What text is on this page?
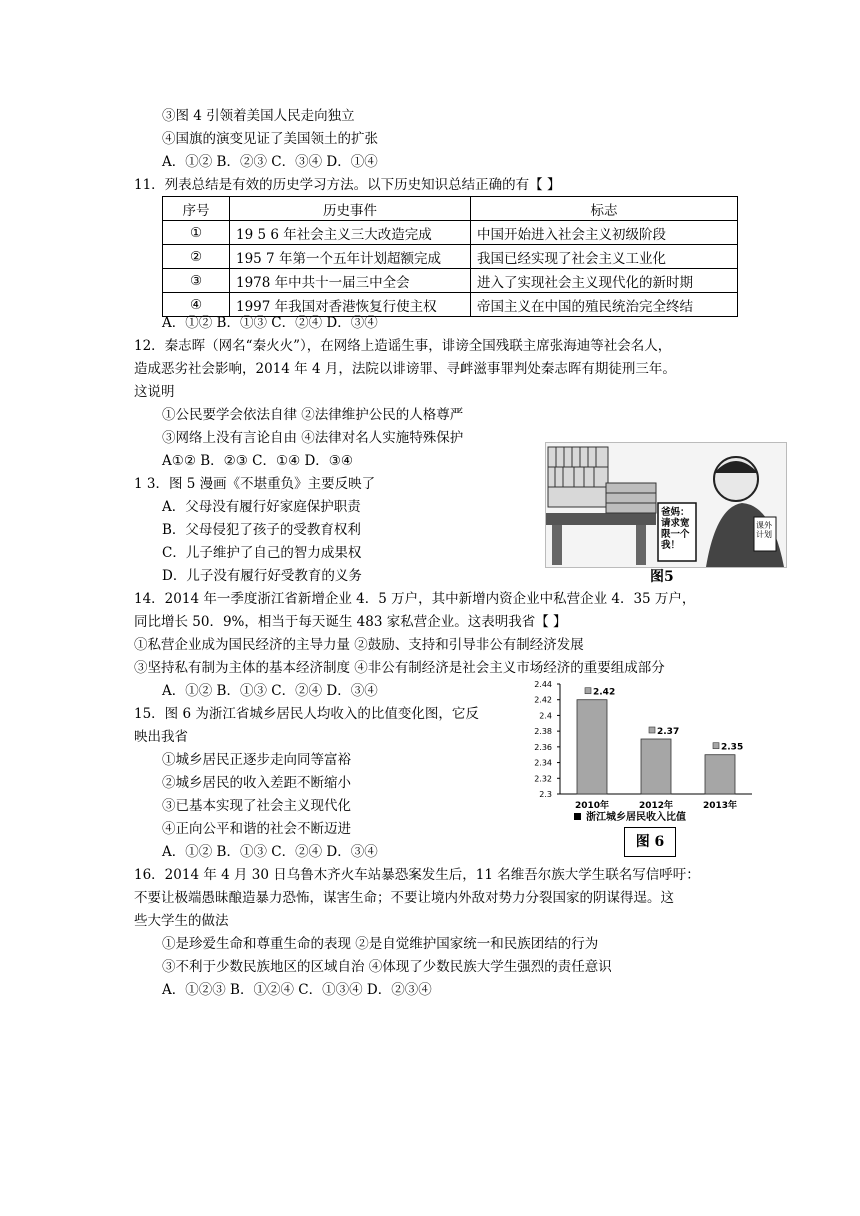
③图 4 引领着美国人民走向独立
④国旗的演变见证了美国领土的扩张
A．①② B．②③ C．③④ D．①④
11．列表总结是有效的历史学习方法。以下历史知识总结正确的有【 】
序号	历史事件	标志
①	19 5 6 年社会主义三大改造完成	中国开始进入社会主义初级阶段
②	195 7 年第一个五年计划超额完成	我国已经实现了社会主义工业化
③	1978 年中共十一届三中全会	进入了实现社会主义现代化的新时期
④	1997 年我国对香港恢复行使主权	帝国主义在中国的殖民统治完全终结
A．①② B．①③ C．②④ D．③④
12．秦志晖（网名“秦火火”），在网络上造谣生事，诽谤全国残联主席张海迪等社会名人，
造成恶劣社会影响，2014 年 4 月，法院以诽谤罪、寻衅滋事罪判处秦志晖有期徒刑三年。
这说明
①公民要学会依法自律 ②法律维护公民的人格尊严
③网络上没有言论自由 ④法律对名人实施特殊保护
A①② B．②③ C．①④ D．③④
1 3．图 5 漫画《不堪重负》主要反映了
A．父母没有履行好家庭保护职责
B．父母侵犯了孩子的受教育权利
C．儿子维护了自己的智力成果权
D．儿子没有履行好受教育的义务
14．2014 年一季度浙江省新增企业 4．5 万户，其中新增内资企业中私营企业 4．35 万户，
同比增长 50．9%，相当于每天诞生 483 家私营企业。这表明我省【 】
①私营企业成为国民经济的主导力量 ②鼓励、支持和引导非公有制经济发展
③坚持私有制为主体的基本经济制度 ④非公有制经济是社会主义市场经济的重要组成部分
A．①② B．①③ C．②④ D．③④
15．图 6 为浙江省城乡居民人均收入的比值变化图，它反
映出我省
①城乡居民正逐步走向同等富裕
②城乡居民的收入差距不断缩小
③已基本实现了社会主义现代化
④正向公平和谐的社会不断迈进
A．①② B．①③ C．②④ D．③④
16．2014 年 4 月 30 日乌鲁木齐火车站暴恐案发生后，11 名维吾尔族大学生联名写信呼吁：
不要让极端愚昧酿造暴力恐怖，谋害生命；不要让境内外敌对势力分裂国家的阴谋得逞。这
些大学生的做法
①是珍爱生命和尊重生命的表现 ②是自觉维护国家统一和民族团结的行为
③不利于少数民族地区的区域自治 ④体现了少数民族大学生强烈的责任意识
A．①②③ B．①②④ C．①③④ D．②③④
爸妈：请求宽限一个我！
课外计划
图5
2.3
2.32
2.34
2.36
2.38
2.4
2.42
2.44
2.42
2010年
2.37
2012年
2.35
2013年
浙江城乡居民收入比值
图 6
